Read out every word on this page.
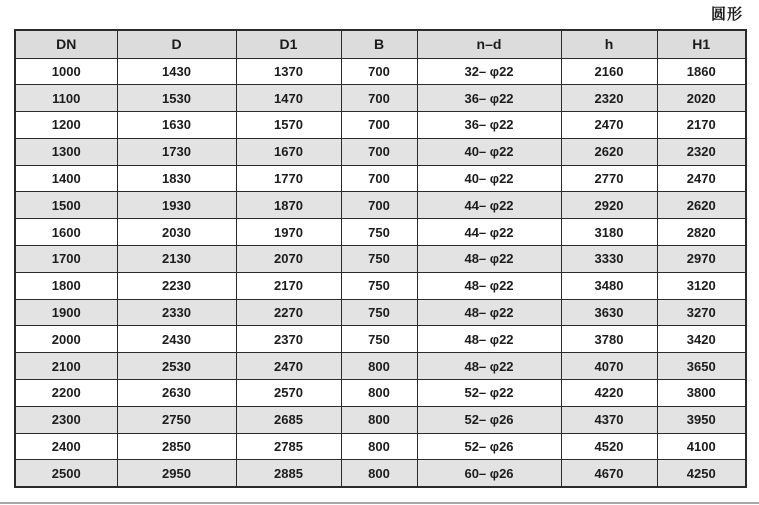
圆形
DN	D	D1	B	n–d	h	H1
1000	1430	1370	700	32– φ22	2160	1860
1100	1530	1470	700	36– φ22	2320	2020
1200	1630	1570	700	36– φ22	2470	2170
1300	1730	1670	700	40– φ22	2620	2320
1400	1830	1770	700	40– φ22	2770	2470
1500	1930	1870	700	44– φ22	2920	2620
1600	2030	1970	750	44– φ22	3180	2820
1700	2130	2070	750	48– φ22	3330	2970
1800	2230	2170	750	48– φ22	3480	3120
1900	2330	2270	750	48– φ22	3630	3270
2000	2430	2370	750	48– φ22	3780	3420
2100	2530	2470	800	48– φ22	4070	3650
2200	2630	2570	800	52– φ22	4220	3800
2300	2750	2685	800	52– φ26	4370	3950
2400	2850	2785	800	52– φ26	4520	4100
2500	2950	2885	800	60– φ26	4670	4250
